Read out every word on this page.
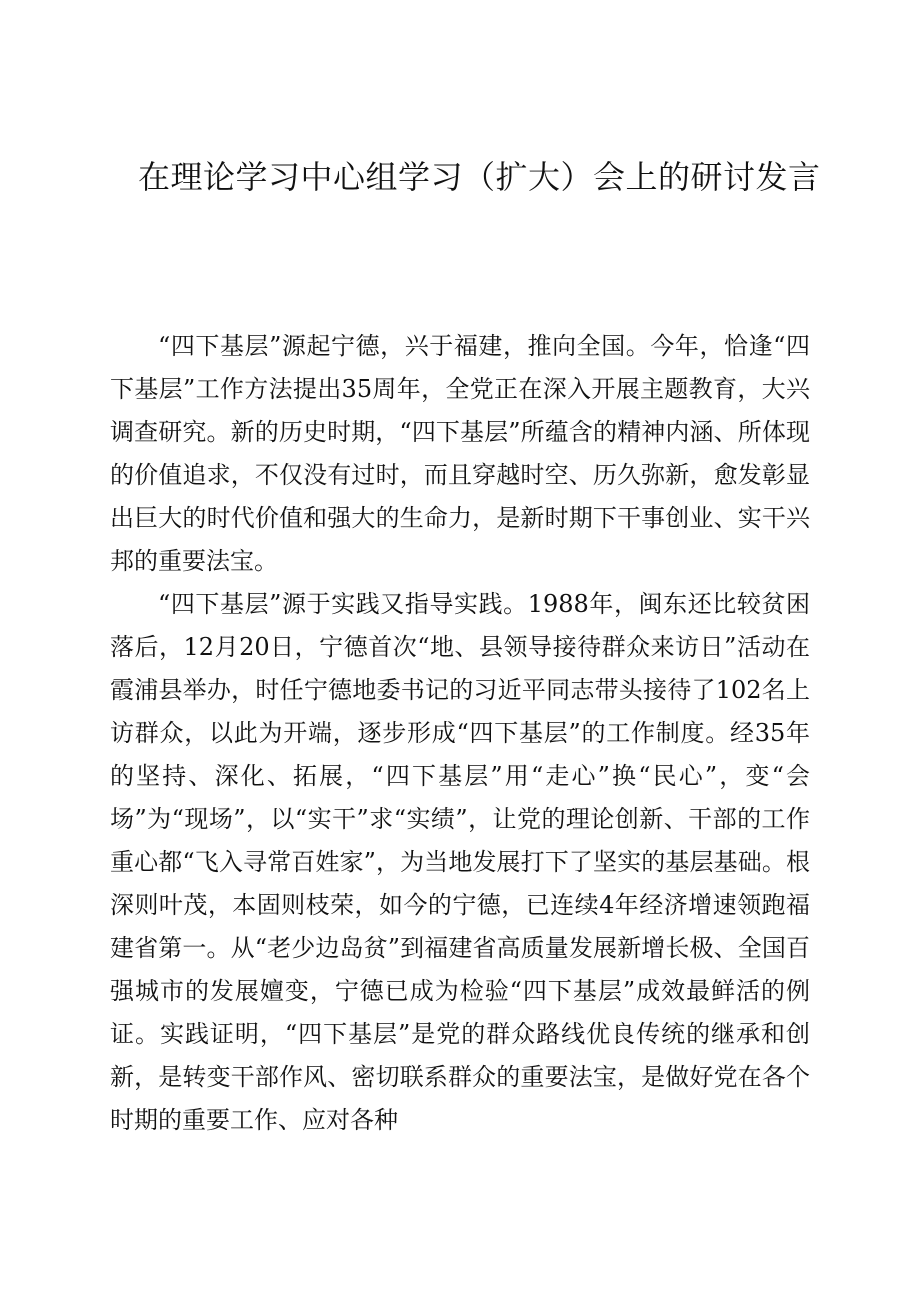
在理论学习中心组学习（扩大）会上的研讨发言

“四下基层”源起宁德，兴于福建，推向全国。今年，恰逢“四下基层”工作方法提出35周年，全党正在深入开展主题教育，大兴调查研究。新的历史时期，“四下基层”所蕴含的精神内涵、所体现的价值追求，不仅没有过时，而且穿越时空、历久弥新，愈发彰显出巨大的时代价值和强大的生命力，是新时期下干事创业、实干兴邦的重要法宝。

“四下基层”源于实践又指导实践。1988年，闽东还比较贫困落后，12月20日，宁德首次“地、县领导接待群众来访日”活动在霞浦县举办，时任宁德地委书记的习近平同志带头接待了102名上访群众，以此为开端，逐步形成“四下基层”的工作制度。经35年的坚持、深化、拓展，“四下基层”用“走心”换“民心”，变“会场”为“现场”，以“实干”求“实绩”，让党的理论创新、干部的工作重心都“飞入寻常百姓家”，为当地发展打下了坚实的基层基础。根深则叶茂，本固则枝荣，如今的宁德，已连续4年经济增速领跑福建省第一。从“老少边岛贫”到福建省高质量发展新增长极、全国百强城市的发展嬗变，宁德已成为检验“四下基层”成效最鲜活的例证。实践证明，“四下基层”是党的群众路线优良传统的继承和创新，是转变干部作风、密切联系群众的重要法宝，是做好党在各个时期的重要工作、应对各种
